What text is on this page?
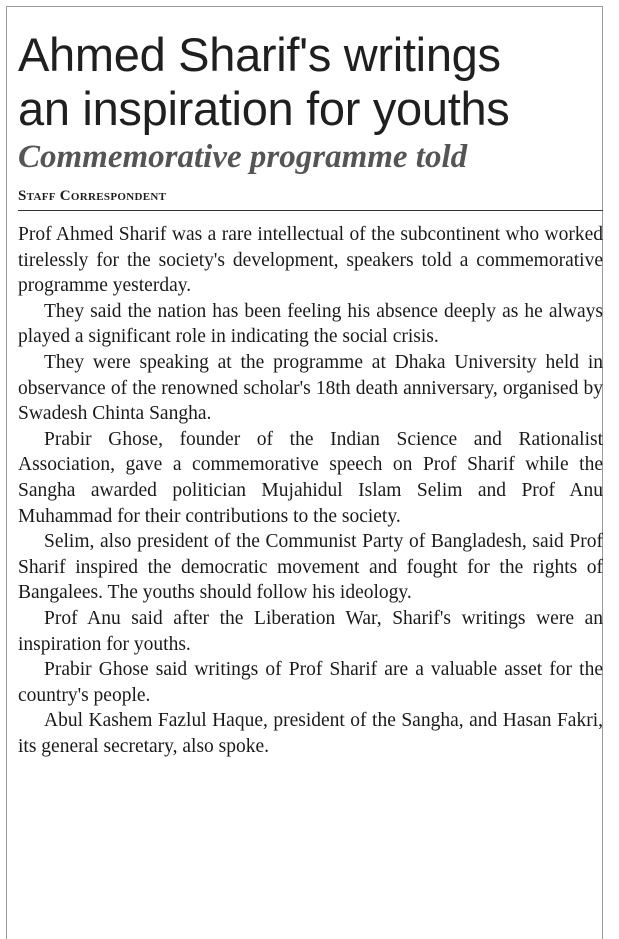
Ahmed Sharif's writings
an inspiration for youths
Commemorative programme told
Staff Correspondent

Prof Ahmed Sharif was a rare intellectual of the subcontinent who worked tirelessly for the society's development, speakers told a commemorative programme yesterday.

They said the nation has been feeling his absence deeply as he always played a significant role in indicating the social crisis.

They were speaking at the programme at Dhaka University held in observance of the renowned scholar's 18th death anniversary, organised by Swadesh Chinta Sangha.

Prabir Ghose, founder of the Indian Science and Rationalist Association, gave a commemorative speech on Prof Sharif while the Sangha awarded politician Mujahidul Islam Selim and Prof Anu Muhammad for their contributions to the society.

Selim, also president of the Communist Party of Bangladesh, said Prof Sharif inspired the democratic movement and fought for the rights of Bangalees. The youths should follow his ideology.

Prof Anu said after the Liberation War, Sharif's writings were an inspiration for youths.

Prabir Ghose said writings of Prof Sharif are a valuable asset for the country's people.

Abul Kashem Fazlul Haque, president of the Sangha, and Hasan Fakri, its general secretary, also spoke.
